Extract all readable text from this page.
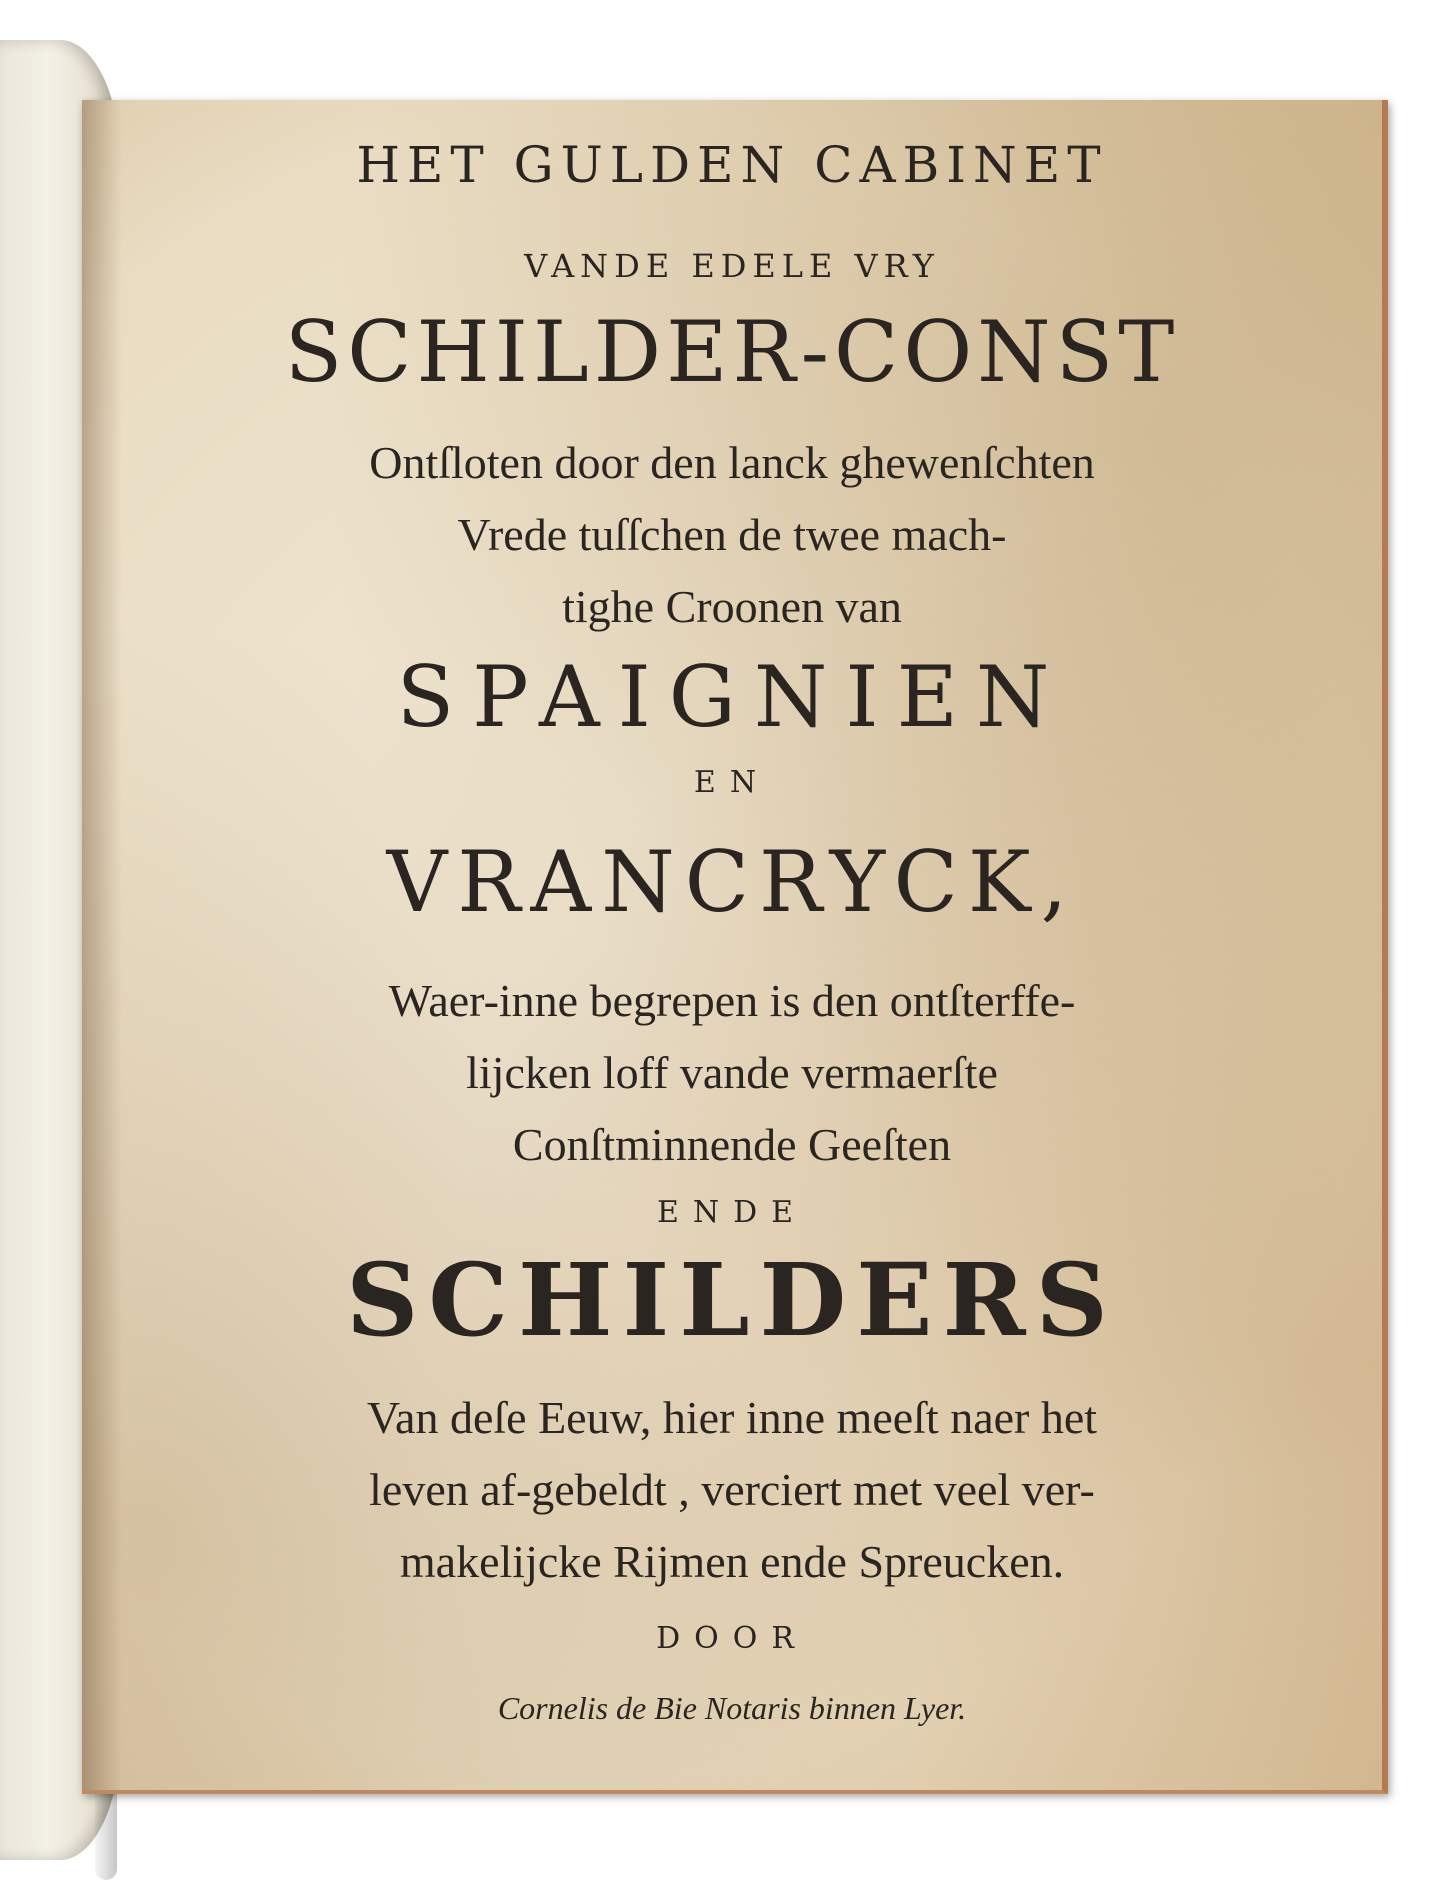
HET GULDEN CABINET
VANDE EDELE VRY
SCHILDER-CONST
Ontſloten door den lanck ghewenſchten
Vrede tuſſchen de twee mach-
tighe Croonen van
SPAIGNIEN
EN
VRANCRYCK,
Waer-inne begrepen is den ontſterffe-
lijcken loff vande vermaerſte
Conſtminnende Geeſten
ENDE
SCHILDERS
Van deſe Eeuw, hier inne meeſt naer het
leven af-gebeldt , verciert met veel ver-
makelijcke Rijmen ende Spreucken.
DOOR
Cornelis de Bie Notaris binnen Lyer.
